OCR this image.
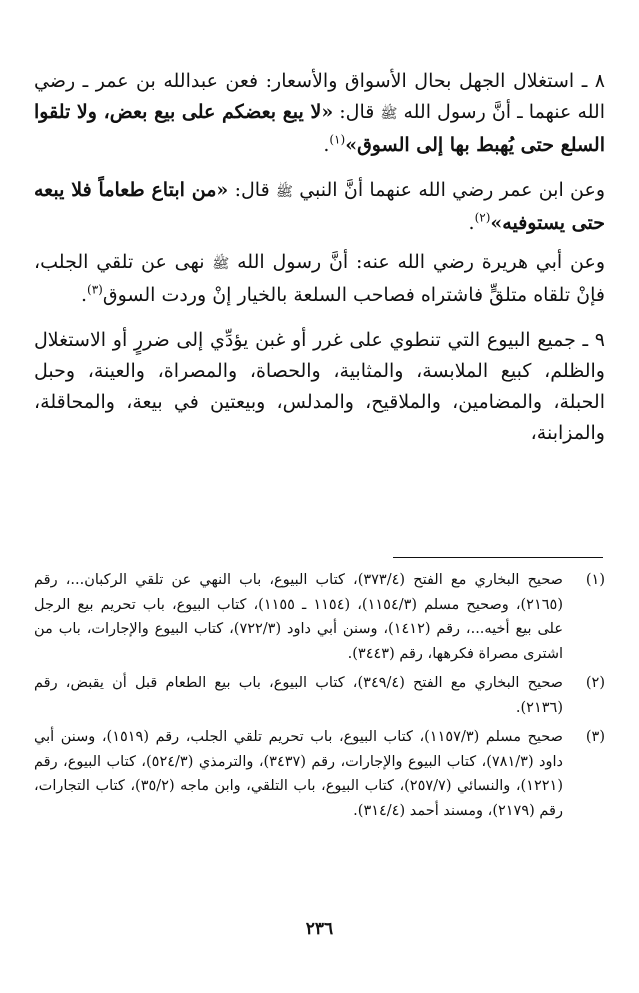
٨ ـ استغلال الجهل بحال الأسواق والأسعار: فعن عبدالله بن عمر ـ رضي الله عنهما ـ أنَّ رسول الله ﷺ قال: «لا يبع بعضكم على بيع بعض، ولا تلقوا السلع حتى يُهبط بها إلى السوق»$^{(١)}$.

وعن ابن عمر رضي الله عنهما أنَّ النبي ﷺ قال: «من ابتاع طعاماً فلا يبعه حتى يستوفيه»$^{(٢)}$.

وعن أبي هريرة رضي الله عنه: أنَّ رسول الله ﷺ نهى عن تلقي الجلب، فإنْ تلقاه متلقٍّ فاشتراه فصاحب السلعة بالخيار إنْ وردت السوق$^{(٣)}$.

٩ ـ جميع البيوع التي تنطوي على غرر أو غبن يؤدِّي إلى ضررٍ أو الاستغلال والظلم، كبيع الملابسة، والمثابية، والحصاة، والمصراة، والعينة، وحبل الحبلة، والمضامين، والملاقيح، والمدلس، وبيعتين في بيعة، والمحاقلة، والمزابنة،

(١)
صحيح البخاري مع الفتح (٣٧٣/٤)، كتاب البيوع، باب النهي عن تلقي الركبان...، رقم (٢١٦٥)، وصحيح مسلم (١١٥٤/٣)، (١١٥٤ ـ ١١٥٥)، كتاب البيوع، باب تحريم بيع الرجل على بيع أخيه...، رقم (١٤١٢)، وسنن أبي داود (٧٢٢/٣)، كتاب البيوع والإجارات، باب من اشترى مصراة فكرهها، رقم (٣٤٤٣).
(٢)
صحيح البخاري مع الفتح (٣٤٩/٤)، كتاب البيوع، باب بيع الطعام قبل أن يقبض، رقم (٢١٣٦).
(٣)
صحيح مسلم (١١٥٧/٣)، كتاب البيوع، باب تحريم تلقي الجلب، رقم (١٥١٩)، وسنن أبي داود (٧٨١/٣)، كتاب البيوع والإجارات، رقم (٣٤٣٧)، والترمذي (٥٢٤/٣)، كتاب البيوع، رقم (١٢٢١)، والنسائي (٢٥٧/٧)، كتاب البيوع، باب التلقي، وابن ماجه (٣٥/٢)، كتاب التجارات، رقم (٢١٧٩)، ومسند أحمد (٣١٤/٤).
٢٣٦
